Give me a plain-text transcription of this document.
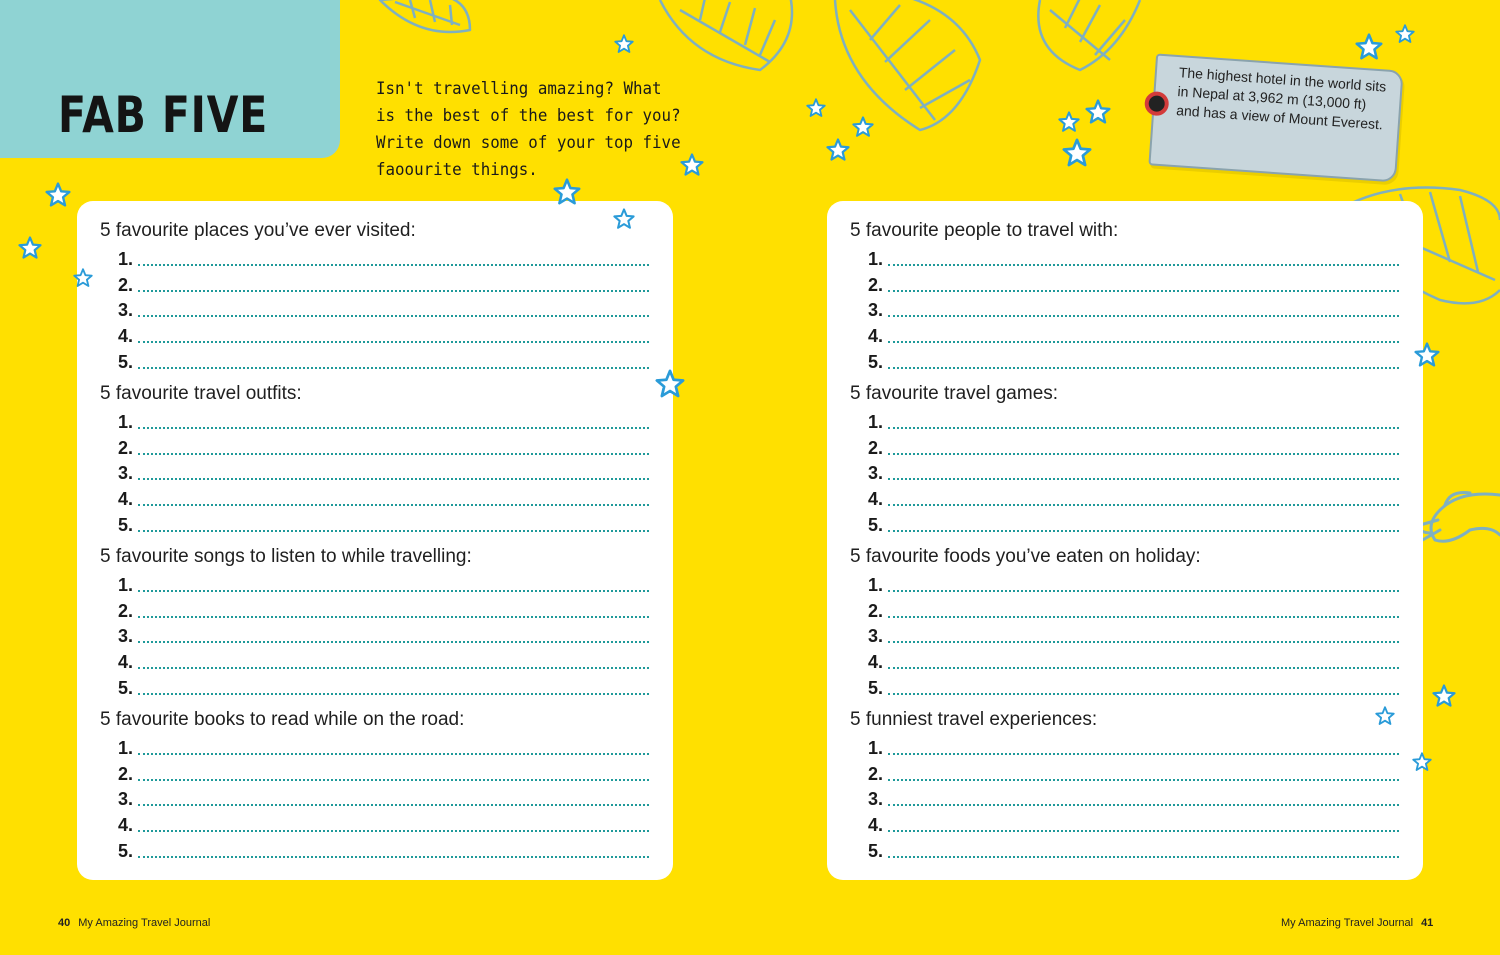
FAB FIVE	Isn't travelling amazing? What is the best of the best for you? Write down some of your top five faoourite things.
The highest hotel in the world sits in Nepal at 3,962 m (13,000 ft) and has a view of Mount Everest.
5 favourite places you’ve ever visited:
1.
2.
3.
4.
5.
5 favourite travel outfits:
1.
2.
3.
4.
5.
5 favourite songs to listen to while travelling:
1.
2.
3.
4.
5.
5 favourite books to read while on the road:
1.
2.
3.
4.
5.
5 favourite people to travel with:
1.
2.
3.
4.
5.
5 favourite travel games:
1.
2.
3.
4.
5.
5 favourite foods you’ve eaten on holiday:
1.
2.
3.
4.
5.
5 funniest travel experiences:
1.
2.
3.
4.
5.
40 My Amazing Travel Journal	My Amazing Travel Journal 41
